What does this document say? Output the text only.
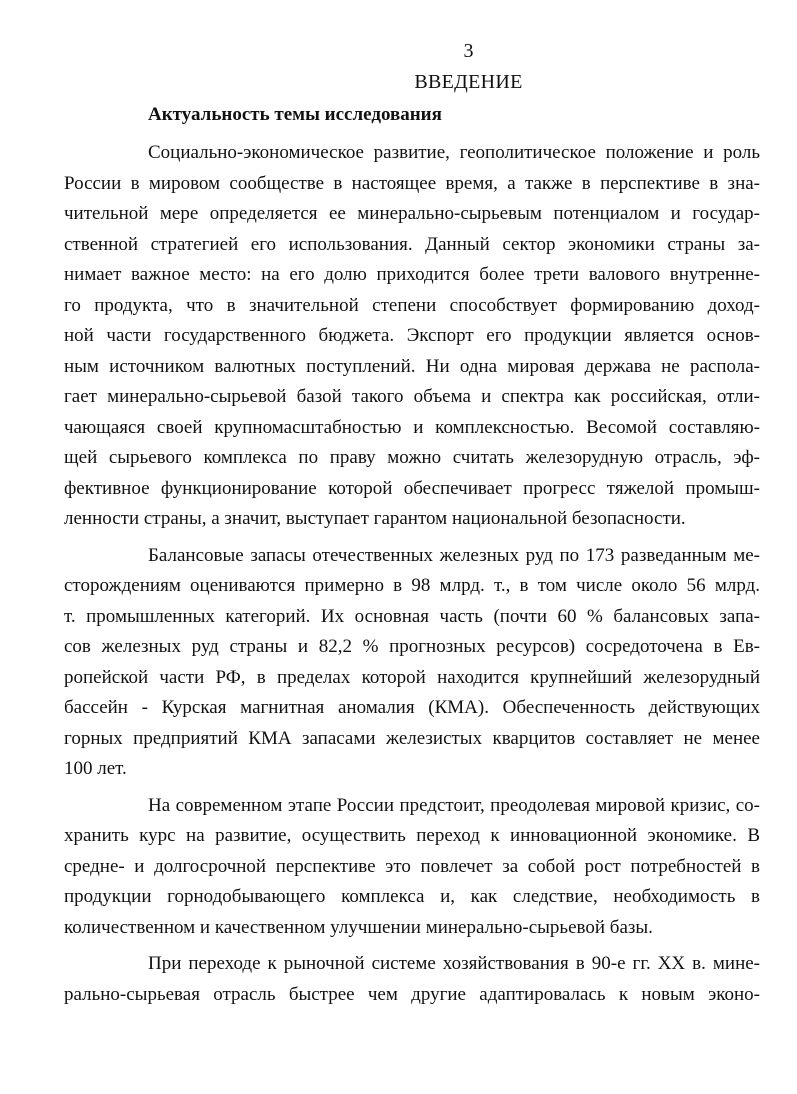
3
ВВЕДЕНИЕ
Актуальность темы исследования

Социально-экономическое развитие, геополитическое положение и роль
России в мировом сообществе в настоящее время, а также в перспективе в зна-
чительной мере определяется ее минерально-сырьевым потенциалом и государ-
ственной стратегией его использования. Данный сектор экономики страны за-
нимает важное место: на его долю приходится более трети валового внутренне-
го продукта, что в значительной степени способствует формированию доход-
ной части государственного бюджета. Экспорт его продукции является основ-
ным источником валютных поступлений. Ни одна мировая держава не распола-
гает минерально-сырьевой базой такого объема и спектра как российская, отли-
чающаяся своей крупномасштабностью и комплексностью. Весомой составляю-
щей сырьевого комплекса по праву можно считать железорудную отрасль, эф-
фективное функционирование которой обеспечивает прогресс тяжелой промыш-
ленности страны, а значит, выступает гарантом национальной безопасности.

Балансовые запасы отечественных железных руд по 173 разведанным ме-
сторождениям оцениваются примерно в 98 млрд. т., в том числе около 56 млрд.
т. промышленных категорий. Их основная часть (почти 60 % балансовых запа-
сов железных руд страны и 82,2 % прогнозных ресурсов) сосредоточена в Ев-
ропейской части РФ, в пределах которой находится крупнейший железорудный
бассейн - Курская магнитная аномалия (КМА). Обеспеченность действующих
горных предприятий КМА запасами железистых кварцитов составляет не менее
100 лет.

На современном этапе России предстоит, преодолевая мировой кризис, со-
хранить курс на развитие, осуществить переход к инновационной экономике. В
средне- и долгосрочной перспективе это повлечет за собой рост потребностей в
продукции горнодобывающего комплекса и, как следствие, необходимость в
количественном и качественном улучшении минерально-сырьевой базы.

При переходе к рыночной системе хозяйствования в 90-е гг. XX в. мине-
рально-сырьевая отрасль быстрее чем другие адаптировалась к новым эконо-
